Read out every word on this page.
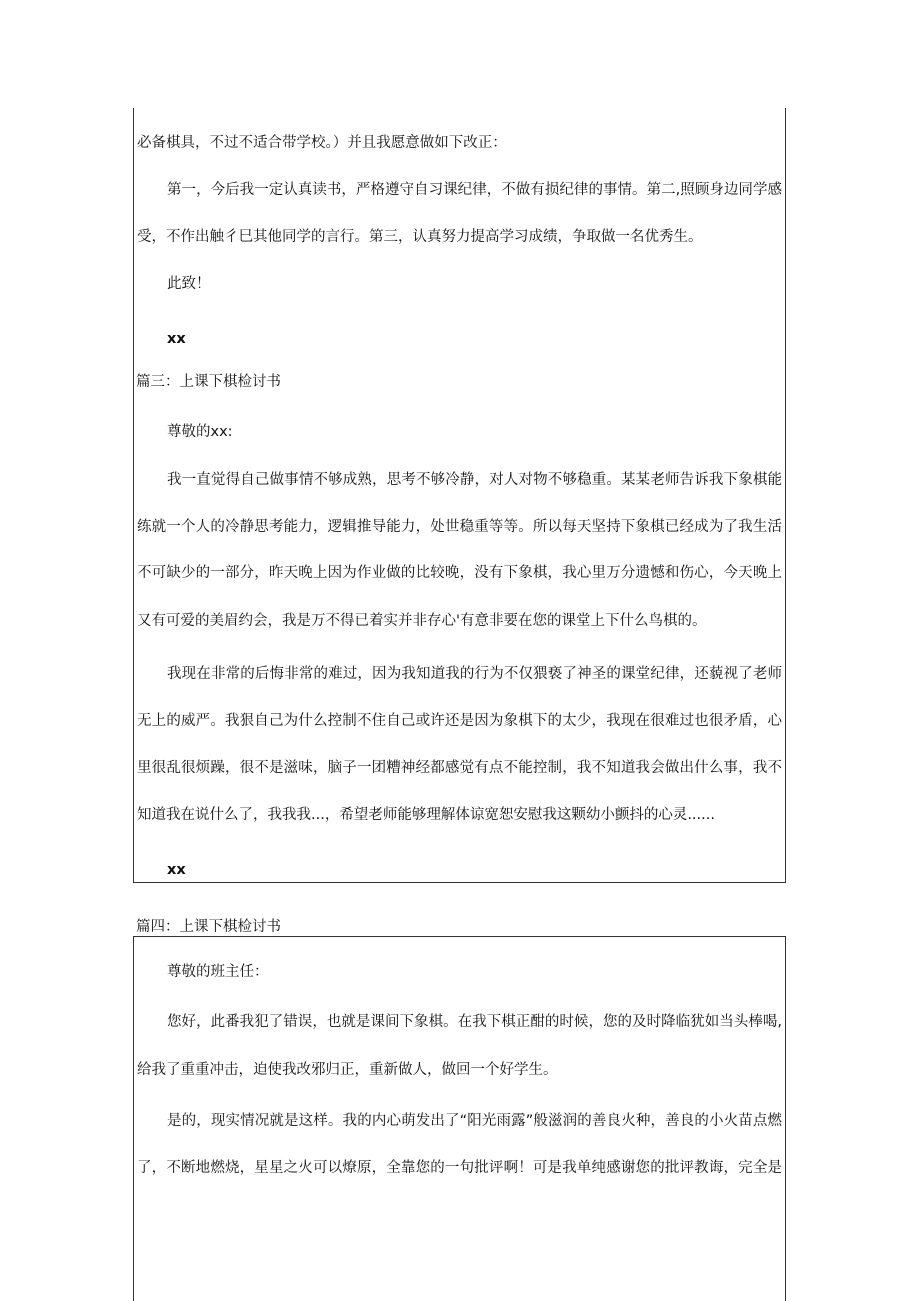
必备棋具，不过不适合带学校。）并且我愿意做如下改正：

第一，今后我一定认真读书，严格遵守自习课纪律，不做有损纪律的事情。第二,照顾身边同学感

受，不作出触彳巳其他同学的言行。第三，认真努力提高学习成绩，争取做一名优秀生。

此致！

xx

尊敬的xx:

我一直觉得自己做事情不够成熟，思考不够冷静，对人对物不够稳重。某某老师告诉我下象棋能

练就一个人的冷静思考能力，逻辑推导能力，处世稳重等等。所以每天坚持下象棋已经成为了我生活

不可缺少的一部分，昨天晚上因为作业做的比较晚，没有下象棋，我心里万分遗憾和伤心，今天晚上

又有可爱的美眉约会，我是万不得已着实并非存心'有意非要在您的课堂上下什么鸟棋的。

我现在非常的后悔非常的难过，因为我知道我的行为不仅猥亵了神圣的课堂纪律，还藐视了老师

无上的威严。我狠自己为什么控制不住自己或许还是因为象棋下的太少，我现在很难过也很矛盾，心

里很乱很烦躁，很不是滋味，脑子一团糟神经都感觉有点不能控制，我不知道我会做出什么事，我不

知道我在说什么了，我我我...，希望老师能够理解体谅宽恕安慰我这颗幼小颤抖的心灵......

xx

篇三：上课下棋检讨书

篇四：上课下棋检讨书

尊敬的班主任：

您好，此番我犯了错误，也就是课间下象棋。在我下棋正酣的时候，您的及时降临犹如当头棒喝,

给我了重重冲击，迫使我改邪归正，重新做人，做回一个好学生。

是的，现实情况就是这样。我的内心萌发出了“阳光雨露”般滋润的善良火种，善良的小火苗点燃

了，不断地燃烧，星星之火可以燎原，全靠您的一句批评啊！可是我单纯感谢您的批评教诲，完全是
